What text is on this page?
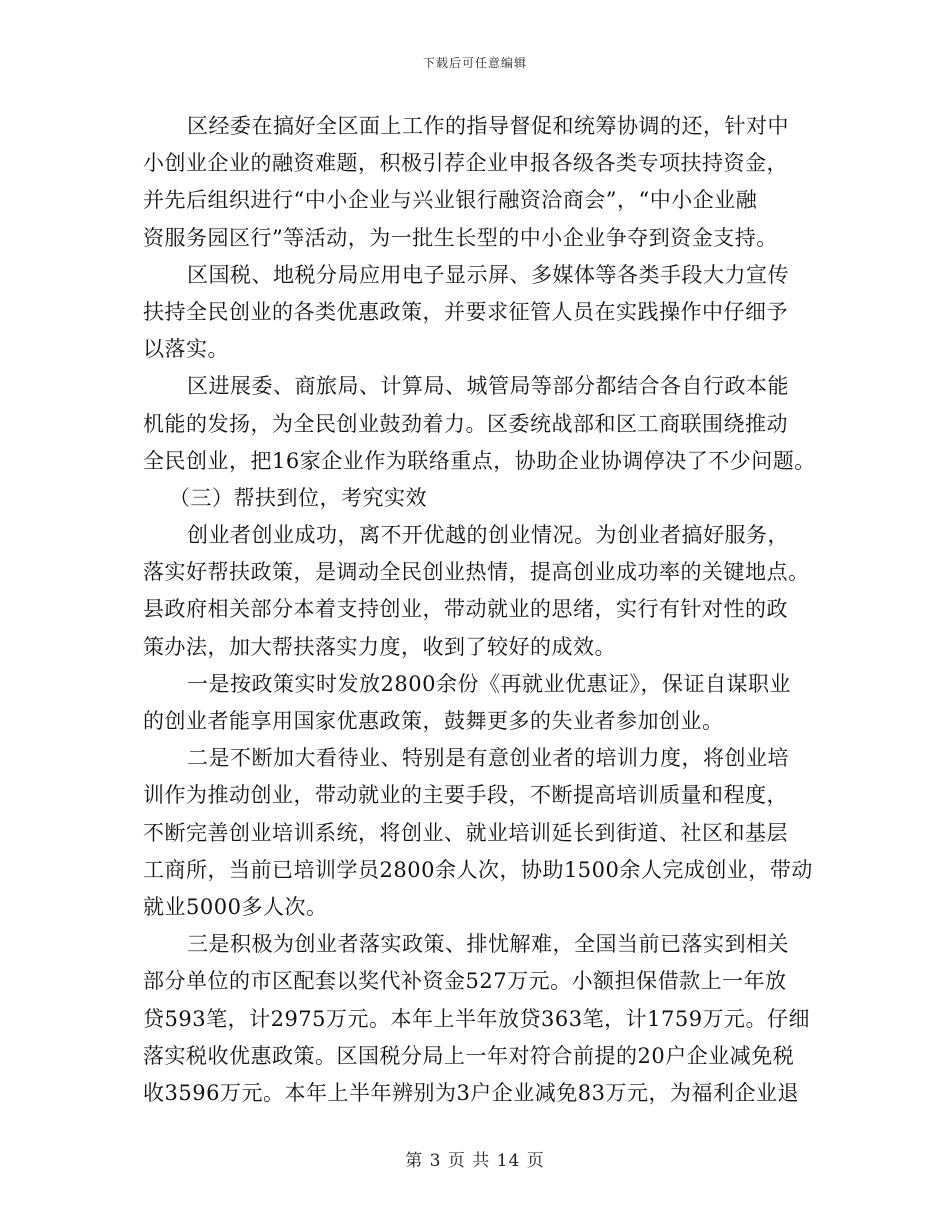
下载后可任意编辑
区经委在搞好全区面上工作的指导督促和统筹协调的还，针对中
小创业企业的融资难题，积极引荐企业申报各级各类专项扶持资金，
并先后组织进行“中小企业与兴业银行融资洽商会”，“中小企业融
资服务园区行”等活动，为一批生长型的中小企业争夺到资金支持。
区国税、地税分局应用电子显示屏、多媒体等各类手段大力宣传
扶持全民创业的各类优惠政策，并要求征管人员在实践操作中仔细予
以落实。
区进展委、商旅局、计算局、城管局等部分都结合各自行政本能
机能的发扬，为全民创业鼓劲着力。区委统战部和区工商联围绕推动
全民创业，把16家企业作为联络重点，协助企业协调停决了不少问题。
（三）帮扶到位，考究实效
创业者创业成功，离不开优越的创业情况。为创业者搞好服务，
落实好帮扶政策，是调动全民创业热情，提高创业成功率的关键地点。
县政府相关部分本着支持创业，带动就业的思绪，实行有针对性的政
策办法，加大帮扶落实力度，收到了较好的成效。
一是按政策实时发放2800余份《再就业优惠证》，保证自谋职业
的创业者能享用国家优惠政策，鼓舞更多的失业者参加创业。
二是不断加大看待业、特别是有意创业者的培训力度，将创业培
训作为推动创业，带动就业的主要手段，不断提高培训质量和程度，
不断完善创业培训系统，将创业、就业培训延长到街道、社区和基层
工商所，当前已培训学员2800余人次，协助1500余人完成创业，带动
就业5000多人次。
三是积极为创业者落实政策、排忧解难，全国当前已落实到相关
部分单位的市区配套以奖代补资金527万元。小额担保借款上一年放
贷593笔，计2975万元。本年上半年放贷363笔，计1759万元。仔细
落实税收优惠政策。区国税分局上一年对符合前提的20户企业减免税
收3596万元。本年上半年辨别为3户企业减免83万元，为福利企业退
第 3 页 共 14 页
